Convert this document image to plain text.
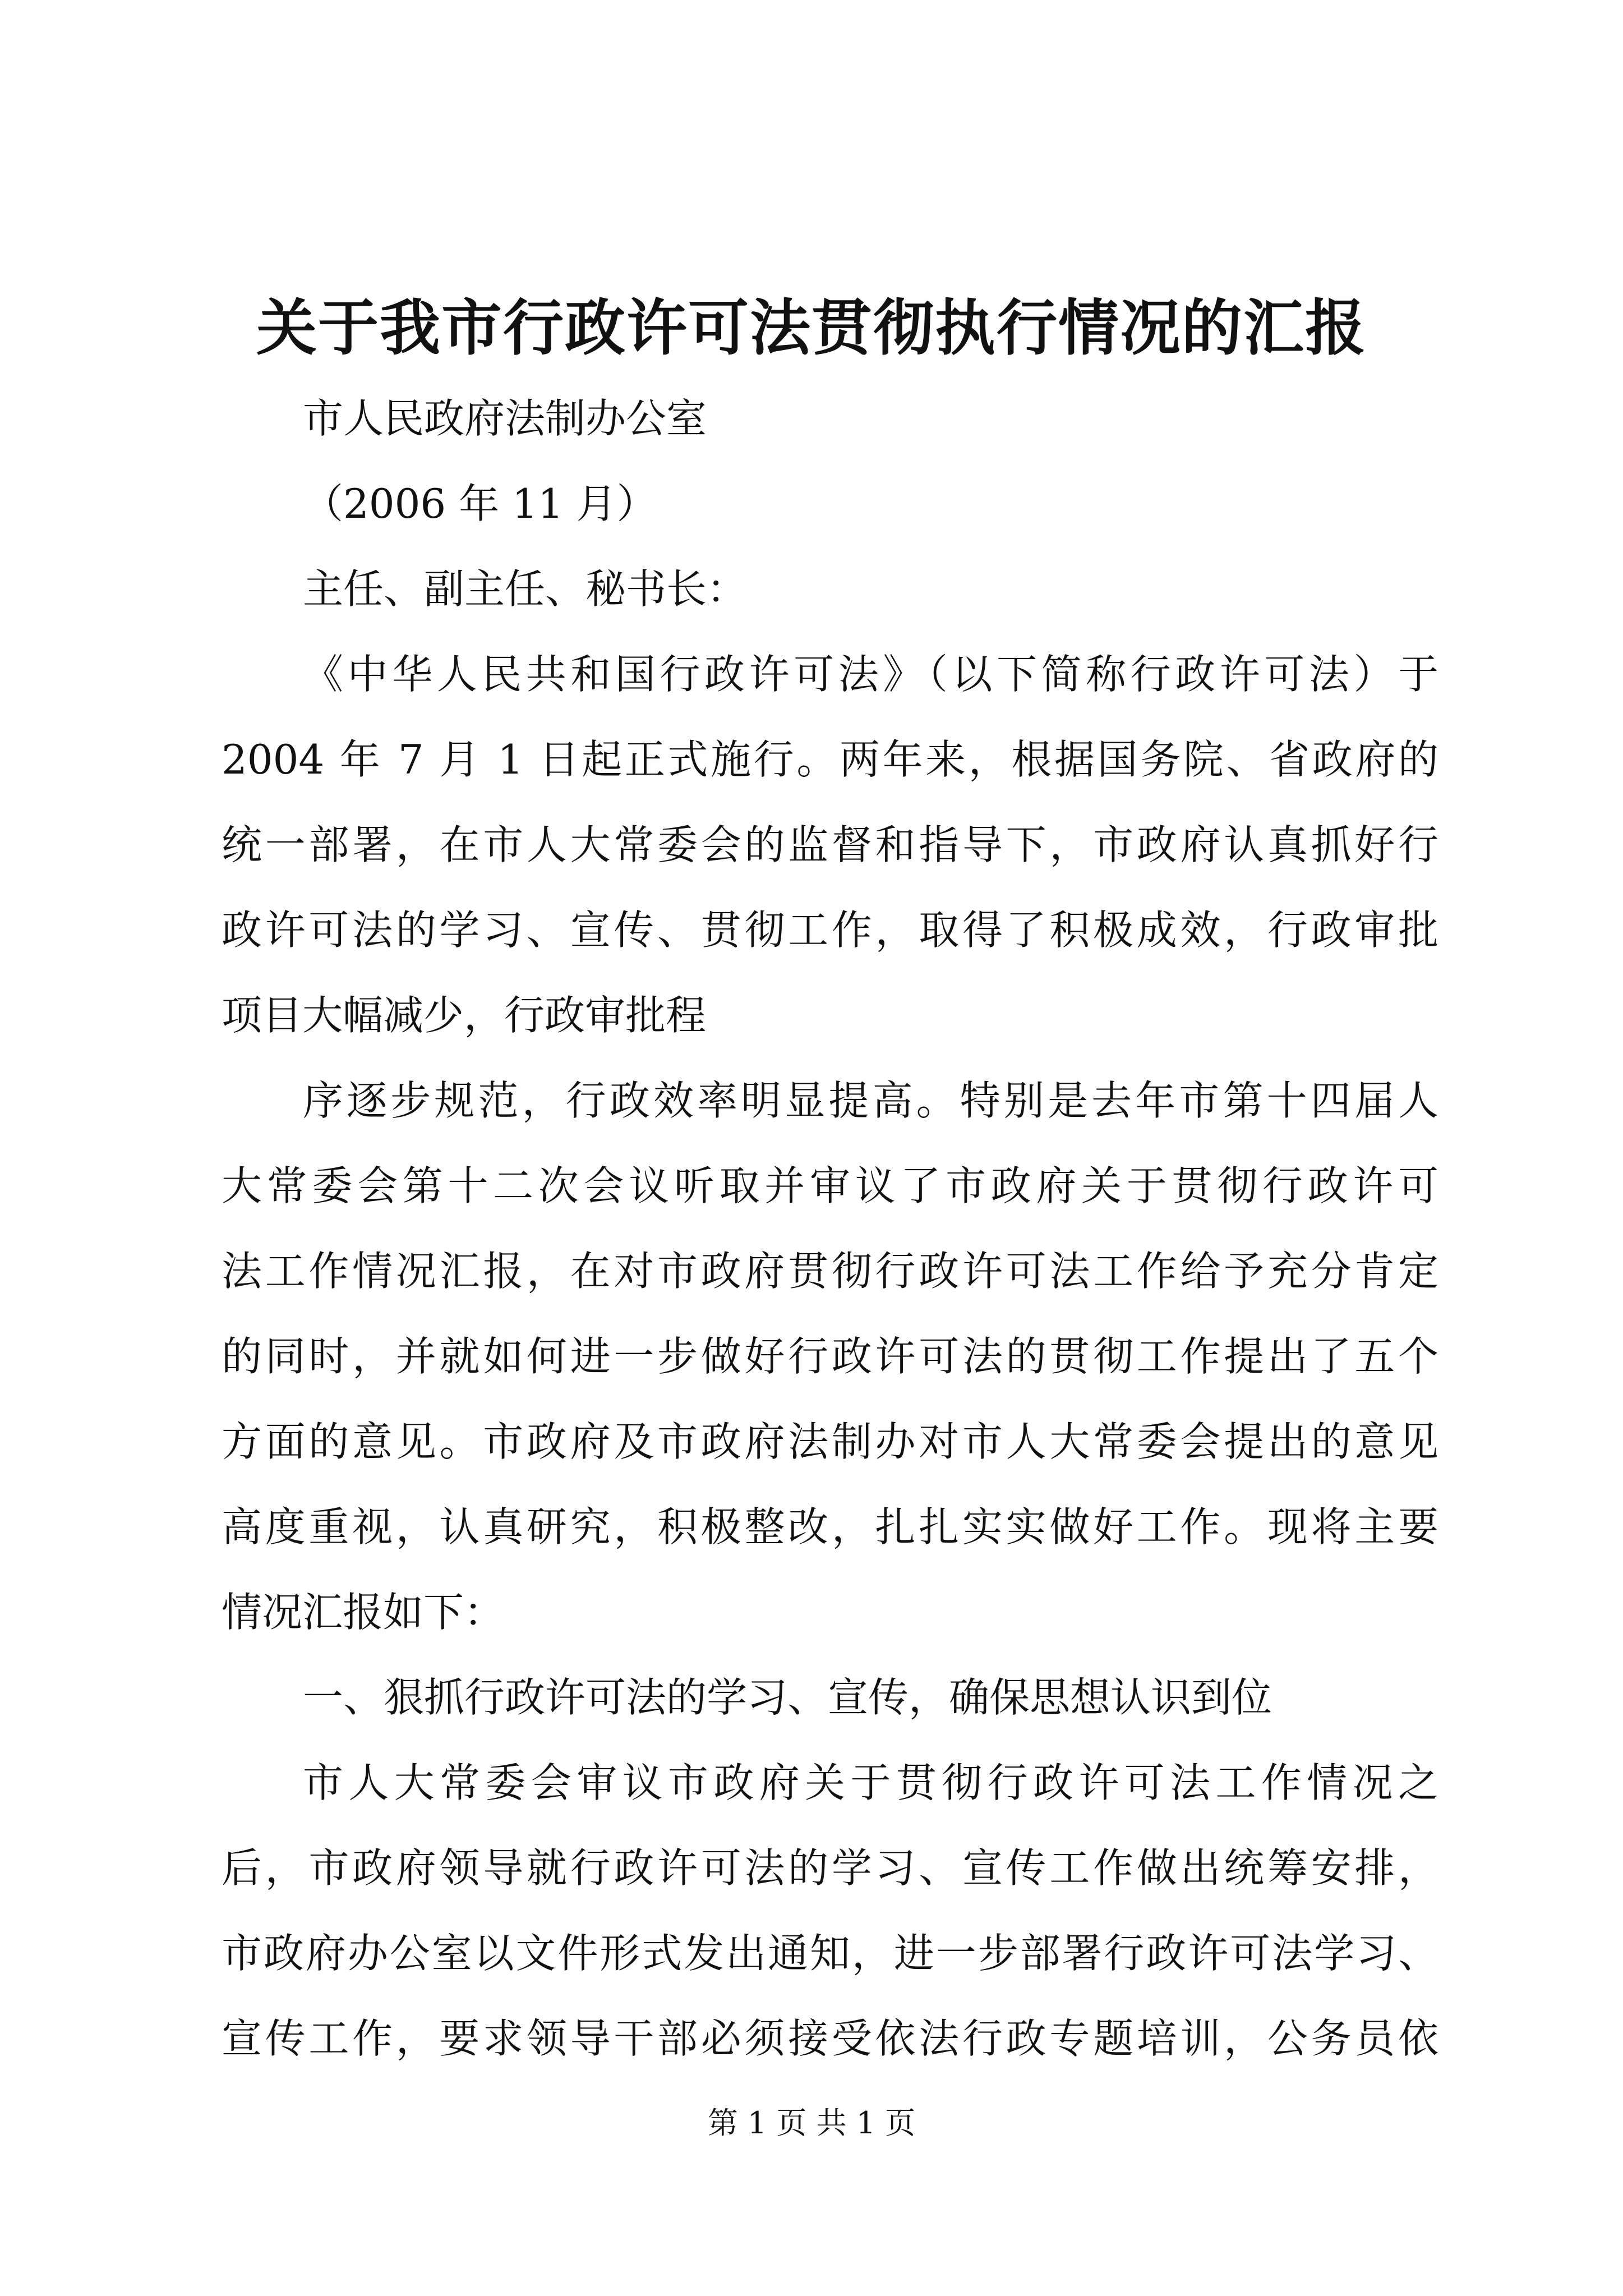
关于我市行政许可法贯彻执行情况的汇报
市人民政府法制办公室
（2006 年 11 月）
主任、副主任、秘书长：
《中华人民共和国行政许可法》（以下简称行政许可法）于
2004 年 7 月 1 日起正式施行。两年来，根据国务院、省政府的
统一部署，在市人大常委会的监督和指导下，市政府认真抓好行
政许可法的学习、宣传、贯彻工作，取得了积极成效，行政审批
项目大幅减少，行政审批程
序逐步规范，行政效率明显提高。特别是去年市第十四届人
大常委会第十二次会议听取并审议了市政府关于贯彻行政许可
法工作情况汇报，在对市政府贯彻行政许可法工作给予充分肯定
的同时，并就如何进一步做好行政许可法的贯彻工作提出了五个
方面的意见。市政府及市政府法制办对市人大常委会提出的意见
高度重视，认真研究，积极整改，扎扎实实做好工作。现将主要
情况汇报如下：
一、狠抓行政许可法的学习、宣传，确保思想认识到位
市人大常委会审议市政府关于贯彻行政许可法工作情况之
后，市政府领导就行政许可法的学习、宣传工作做出统筹安排，
市政府办公室以文件形式发出通知，进一步部署行政许可法学习、
宣传工作，要求领导干部必须接受依法行政专题培训，公务员依
第 1 页 共 1 页
